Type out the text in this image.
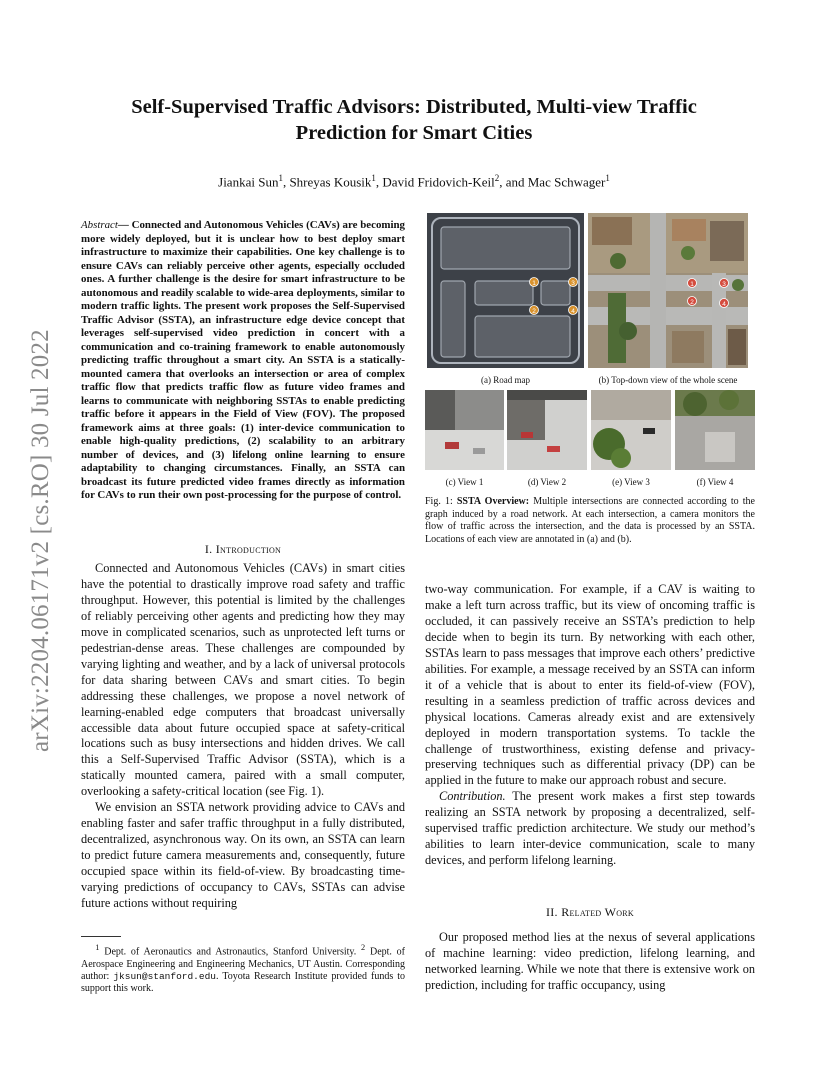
arXiv:2204.06171v2 [cs.RO] 30 Jul 2022
Self-Supervised Traffic Advisors: Distributed, Multi-view Traffic
Prediction for Smart Cities
Jiankai Sun$^1$, Shreyas Kousik$^1$, David Fridovich-Keil$^2$, and Mac Schwager$^1$
Abstract— Connected and Autonomous Vehicles (CAVs) are becoming more widely deployed, but it is unclear how to best deploy smart infrastructure to maximize their capabilities. One key challenge is to ensure CAVs can reliably perceive other agents, especially occluded ones. A further challenge is the desire for smart infrastructure to be autonomous and readily scalable to wide-area deployments, similar to modern traffic lights. The present work proposes the Self-Supervised Traffic Advisor (SSTA), an infrastructure edge device concept that leverages self-supervised video prediction in concert with a communication and co-training framework to enable autonomously predicting traffic throughout a smart city. An SSTA is a statically-mounted camera that overlooks an intersection or area of complex traffic flow that predicts traffic flow as future video frames and learns to communicate with neighboring SSTAs to enable predicting traffic before it appears in the Field of View (FOV). The proposed framework aims at three goals: (1) inter-device communication to enable high-quality predictions, (2) scalability to an arbitrary number of devices, and (3) lifelong online learning to ensure adaptability to changing circumstances. Finally, an SSTA can broadcast its future predicted video frames directly as information for CAVs to run their own post-processing for the purpose of control.
I. Introduction

Connected and Autonomous Vehicles (CAVs) in smart cities have the potential to drastically improve road safety and traffic throughput. However, this potential is limited by the challenges of reliably perceiving other agents and predicting how they may move in complicated scenarios, such as unprotected left turns or pedestrian-dense areas. These challenges are compounded by varying lighting and weather, and by a lack of universal protocols for data sharing between CAVs and smart cities. To begin addressing these challenges, we propose a novel network of learning-enabled edge computers that broadcast universally accessible data about future occupied space at safety-critical locations such as busy intersections and hidden drives. We call this a Self-Supervised Traffic Advisor (SSTA), which is a statically mounted camera, paired with a small computer, overlooking a safety-critical location (see Fig. 1).

We envision an SSTA network providing advice to CAVs and enabling faster and safer traffic throughput in a fully distributed, decentralized, asynchronous way. On its own, an SSTA can learn to predict future camera measurements and, consequently, future occupied space within its field-of-view. By broadcasting time-varying predictions of occupancy to CAVs, SSTAs can advise future actions without requiring

$^1$ Dept. of Aeronautics and Astronautics, Stanford University. $^2$ Dept. of Aerospace Engineering and Engineering Mechanics, UT Austin. Corresponding author: jksun@stanford.edu. Toyota Research Institute provided funds to support this work.
1	3
2	4
(a) Road map
1	3
2	4
(b) Top-down view of the whole scene
(c) View 1	(d) View 2	(e) View 3	(f) View 4
Fig. 1: SSTA Overview: Multiple intersections are connected according to the graph induced by a road network. At each intersection, a camera monitors the flow of traffic across the intersection, and the data is processed by an SSTA. Locations of each view are annotated in (a) and (b).

two-way communication. For example, if a CAV is waiting to make a left turn across traffic, but its view of oncoming traffic is occluded, it can passively receive an SSTA’s prediction to help decide when to begin its turn. By networking with each other, SSTAs learn to pass messages that improve each others’ predictive abilities. For example, a message received by an SSTA can inform it of a vehicle that is about to enter its field-of-view (FOV), resulting in a seamless prediction of traffic across devices and physical locations. Cameras already exist and are extensively deployed in modern transportation systems. To tackle the challenge of trustworthiness, existing defense and privacy-preserving techniques such as differential privacy (DP) can be applied in the future to make our approach robust and secure.

Contribution. The present work makes a first step towards realizing an SSTA network by proposing a decentralized, self-supervised traffic prediction architecture. We study our method’s abilities to learn inter-device communication, scale to many devices, and perform lifelong learning.

II. Related Work

Our proposed method lies at the nexus of several applications of machine learning: video prediction, lifelong learning, and networked learning. While we note that there is extensive work on prediction, including for traffic occupancy, using
